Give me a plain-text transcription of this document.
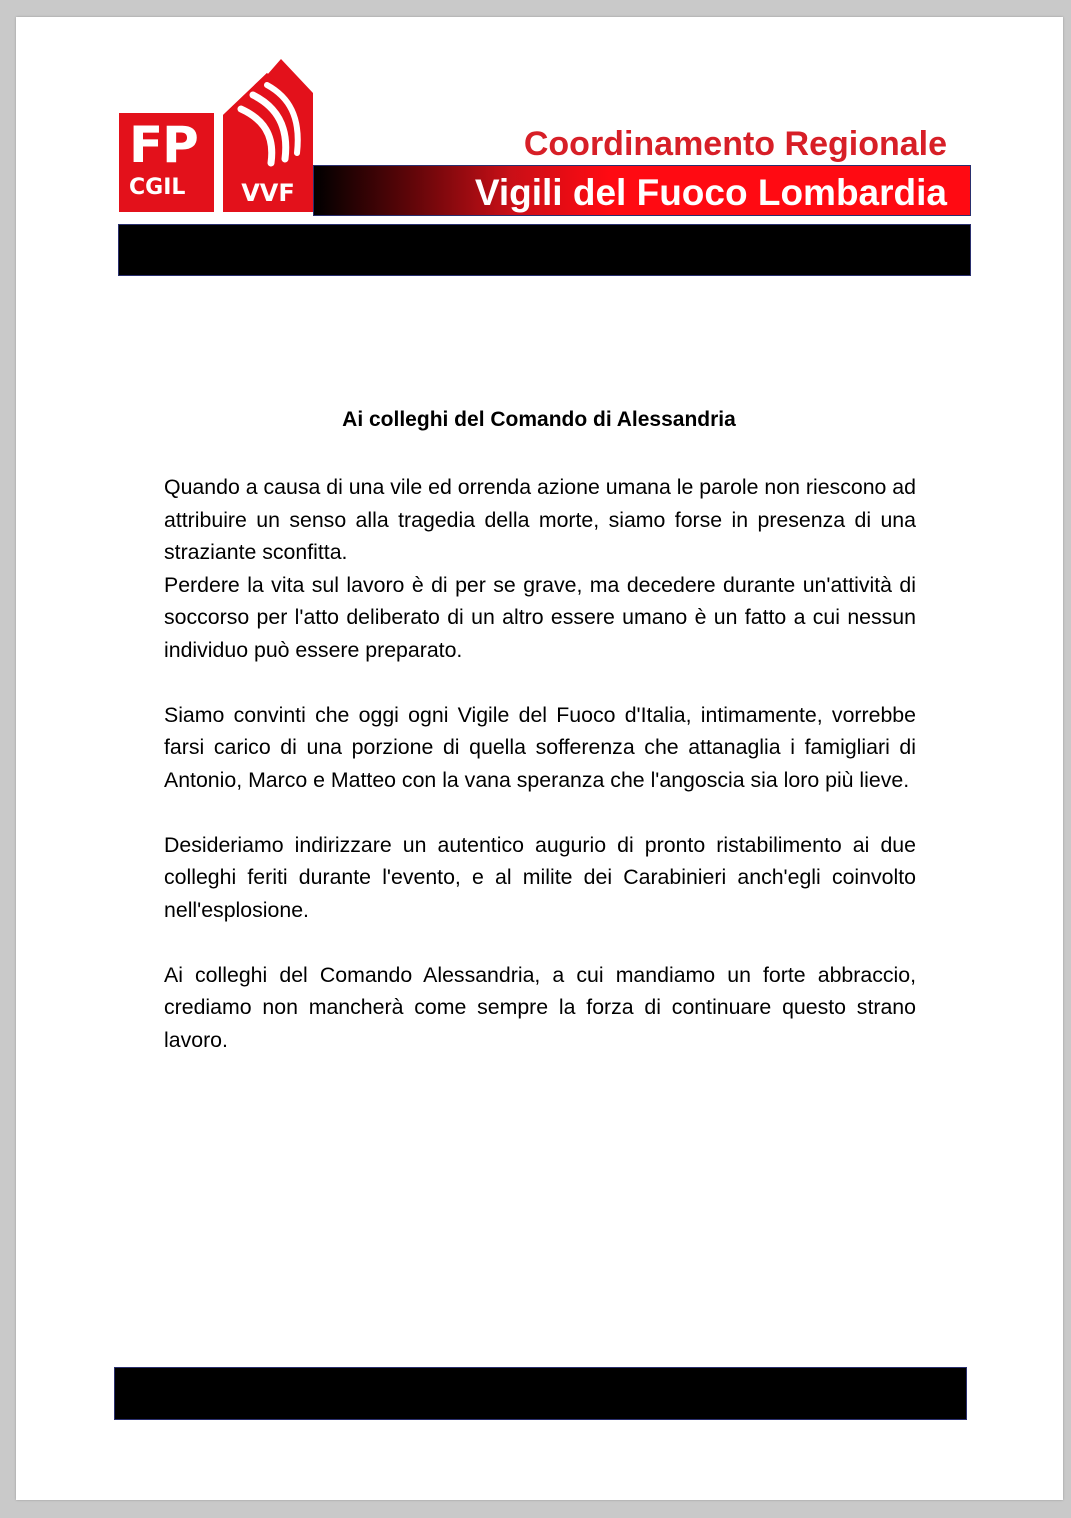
FP
CGIL	VVF
Coordinamento Regionale
Vigili del Fuoco Lombardia
Ai colleghi del Comando di Alessandria

Quando a causa di una vile ed orrenda azione umana le parole non riescono ad attribuire un senso alla tragedia della morte, siamo forse in presenza di una straziante sconfitta.

Perdere la vita sul lavoro è di per se grave, ma decedere durante un'attività di soccorso per l'atto deliberato di un altro essere umano è un fatto a cui nessun individuo può essere preparato.

Siamo convinti che oggi ogni Vigile del Fuoco d'Italia, intimamente, vorrebbe farsi carico di una porzione di quella sofferenza che attanaglia i famigliari di Antonio, Marco e Matteo con la vana speranza che l'angoscia sia loro più lieve.

Desideriamo indirizzare un autentico augurio di pronto ristabilimento ai due colleghi feriti durante l'evento, e al milite dei Carabinieri anch'egli coinvolto nell'esplosione.

Ai colleghi del Comando Alessandria, a cui mandiamo un forte abbraccio, crediamo non mancherà come sempre la forza di continuare questo strano lavoro.
